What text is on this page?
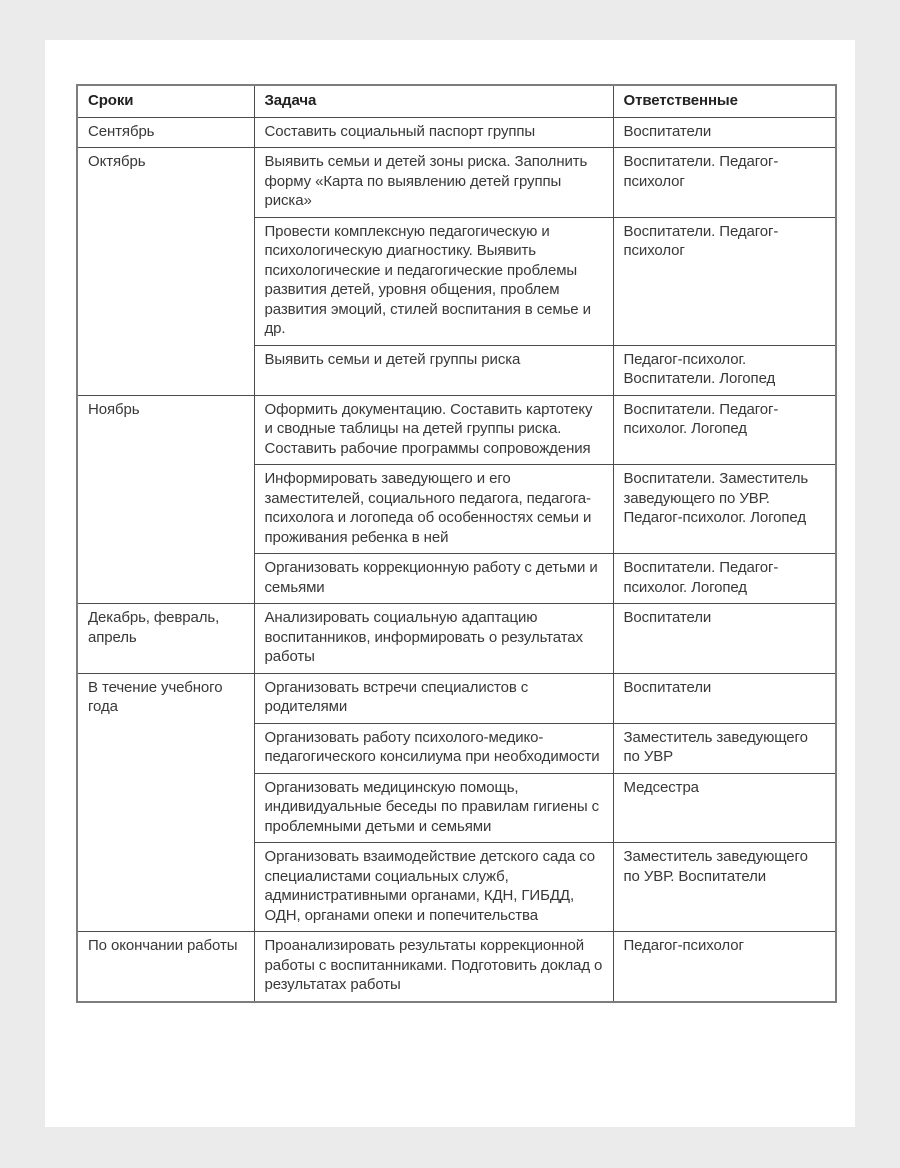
Сроки	Задача	Ответственные
Сентябрь	Составить социальный паспорт группы	Воспитатели
Октябрь	Выявить семьи и детей зоны риска. Заполнить форму «Карта по выявлению детей группы риска»	Воспитатели. Педагог-психолог
	Провести комплексную педагогическую и психологическую диагностику. Выявить психологические и педагогические проблемы развития детей, уровня общения, проблем развития эмоций, стилей воспитания в семье и др.	Воспитатели. Педагог-психолог
	Выявить семьи и детей группы риска	Педагог-психолог. Воспитатели. Логопед
Ноябрь	Оформить документацию. Составить картотеку и сводные таблицы на детей группы риска. Составить рабочие программы сопровождения	Воспитатели. Педагог-психолог. Логопед
	Информировать заведующего и его заместителей, социального педагога, педагога-психолога и логопеда об особенностях семьи и проживания ребенка в ней	Воспитатели. Заместитель заведующего по УВР. Педагог-психолог. Логопед
	Организовать коррекционную работу с детьми и семьями	Воспитатели. Педагог-психолог. Логопед
Декабрь, февраль, апрель	Анализировать социальную адаптацию воспитанников, информировать о результатах работы	Воспитатели
В течение учебного года	Организовать встречи специалистов с родителями	Воспитатели
	Организовать работу психолого-медико-педагогического консилиума при необходимости	Заместитель заведующего по УВР
	Организовать медицинскую помощь, индивидуальные беседы по правилам гигиены с проблемными детьми и семьями	Медсестра
	Организовать взаимодействие детского сада со специалистами социальных служб, административными органами, КДН, ГИБДД, ОДН, органами опеки и попечительства	Заместитель заведующего по УВР. Воспитатели
По окончании работы	Проанализировать результаты коррекционной работы с воспитанниками. Подготовить доклад о результатах работы	Педагог-психолог
